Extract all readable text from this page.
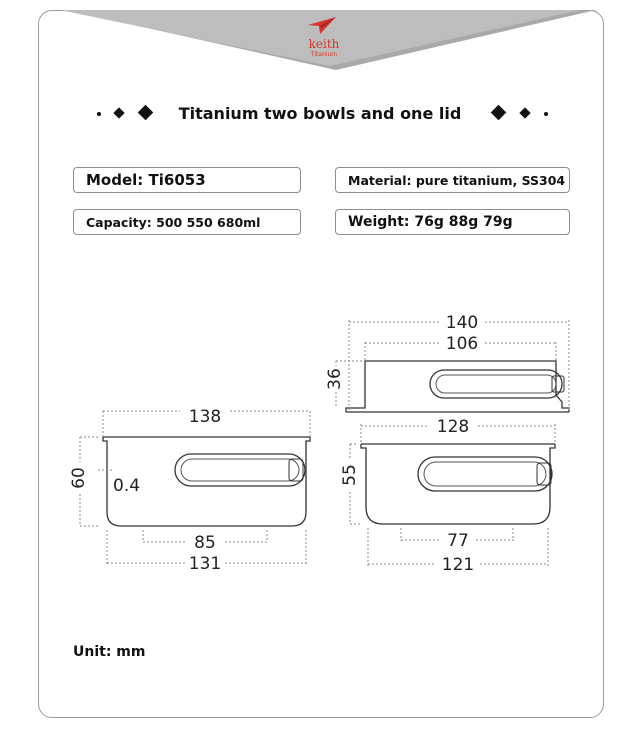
keith
Titanium
Titanium two bowls and one lid
Model: Ti6053	Material: pure titanium, SS304
Capacity: 500 550 680ml	Weight: 76g 88g 79g
138
60 0.4
85
131
140
106
36
128
55
77
121
Unit: mm
